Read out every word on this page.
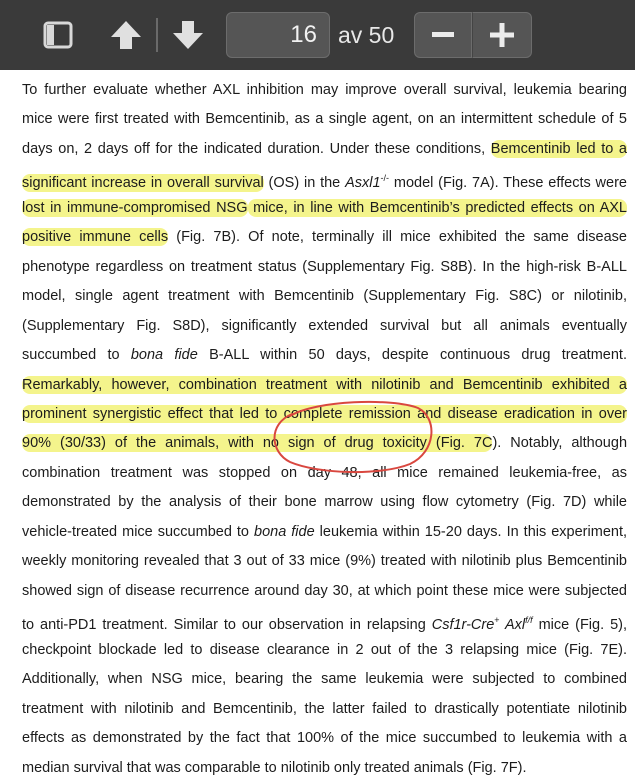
16 av 50
To further evaluate whether AXL inhibition may improve overall survival, leukemia bearing
mice were first treated with Bemcentinib, as a single agent, on an intermittent schedule of 5
days on, 2 days off for the indicated duration. Under these conditions, Bemcentinib led to a
significant increase in overall survival (OS) in the Asxl1-/- model (Fig. 7A). These effects were
lost in immune-compromised NSG mice, in line with Bemcentinib’s predicted effects on AXL
positive immune cells (Fig. 7B). Of note, terminally ill mice exhibited the same disease
phenotype regardless on treatment status (Supplementary Fig. S8B). In the high-risk B-ALL
model, single agent treatment with Bemcentinib (Supplementary Fig. S8C) or nilotinib,
(Supplementary Fig. S8D), significantly extended survival but all animals eventually
succumbed to bona fide B-ALL within 50 days, despite continuous drug treatment.
Remarkably, however, combination treatment with nilotinib and Bemcentinib exhibited a
prominent synergistic effect that led to complete remission and disease eradication in over
90% (30/33) of the animals, with no sign of drug toxicity (Fig. 7C). Notably, although
combination treatment was stopped on day 48, all mice remained leukemia-free, as
demonstrated by the analysis of their bone marrow using flow cytometry (Fig. 7D) while
vehicle-treated mice succumbed to bona fide leukemia within 15-20 days. In this experiment,
weekly monitoring revealed that 3 out of 33 mice (9%) treated with nilotinib plus Bemcentinib
showed sign of disease recurrence around day 30, at which point these mice were subjected
to anti-PD1 treatment. Similar to our observation in relapsing Csf1r-Cre+ Axl$^{f/f}$ mice (Fig. 5),
checkpoint blockade led to disease clearance in 2 out of the 3 relapsing mice (Fig. 7E).
Additionally, when NSG mice, bearing the same leukemia were subjected to combined
treatment with nilotinib and Bemcentinib, the latter failed to drastically potentiate nilotinib
effects as demonstrated by the fact that 100% of the mice succumbed to leukemia with a
median survival that was comparable to nilotinib only treated animals (Fig. 7F).
